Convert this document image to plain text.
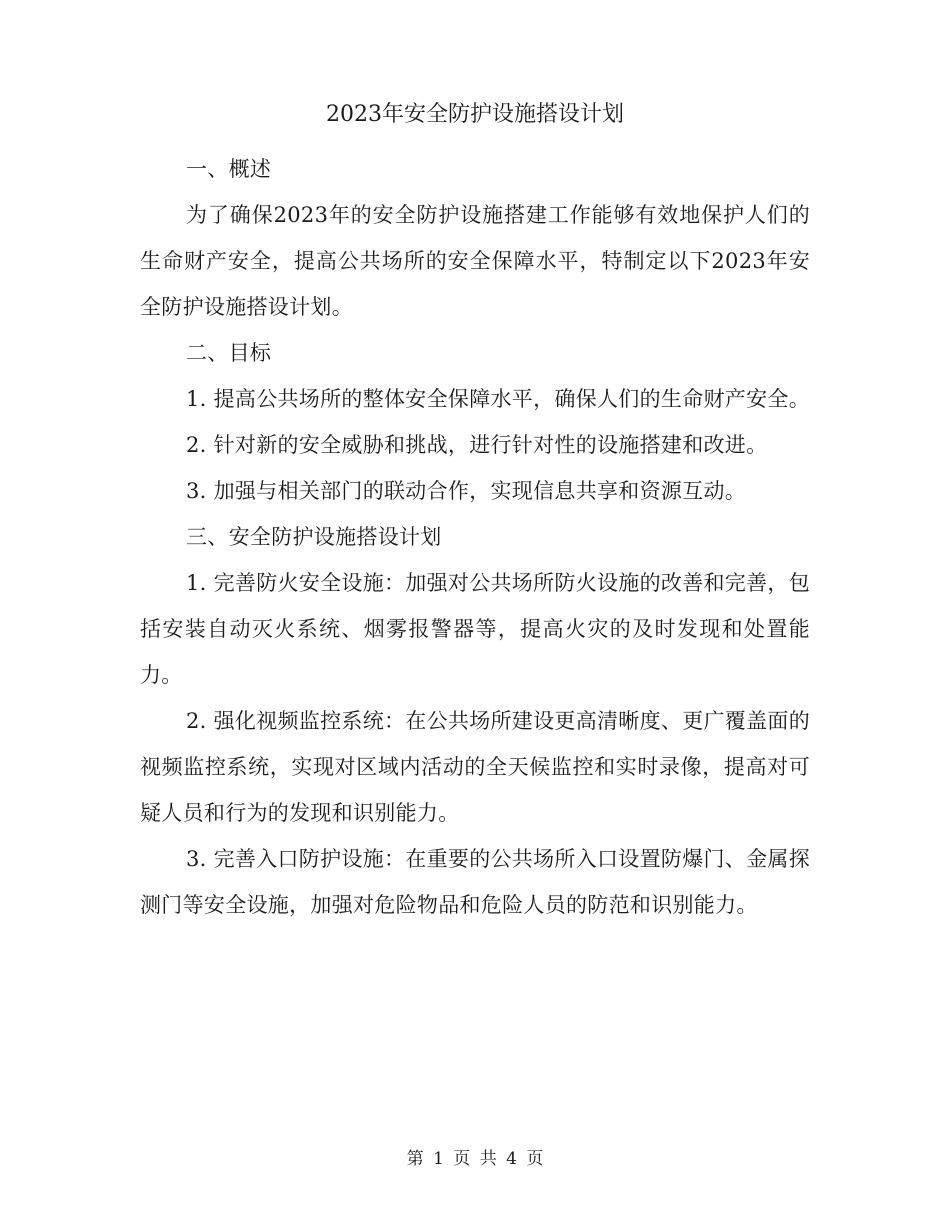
2023年安全防护设施搭设计划

一、概述

为了确保2023年的安全防护设施搭建工作能够有效地保护人们的生命财产安全，提高公共场所的安全保障水平，特制定以下2023年安全防护设施搭设计划。

二、目标

1. 提高公共场所的整体安全保障水平，确保人们的生命财产安全。

2. 针对新的安全威胁和挑战，进行针对性的设施搭建和改进。

3. 加强与相关部门的联动合作，实现信息共享和资源互动。

三、安全防护设施搭设计划

1. 完善防火安全设施：加强对公共场所防火设施的改善和完善，包括安装自动灭火系统、烟雾报警器等，提高火灾的及时发现和处置能力。

2. 强化视频监控系统：在公共场所建设更高清晰度、更广覆盖面的视频监控系统，实现对区域内活动的全天候监控和实时录像，提高对可疑人员和行为的发现和识别能力。

3. 完善入口防护设施：在重要的公共场所入口设置防爆门、金属探测门等安全设施，加强对危险物品和危险人员的防范和识别能力。

第 1 页 共 4 页
